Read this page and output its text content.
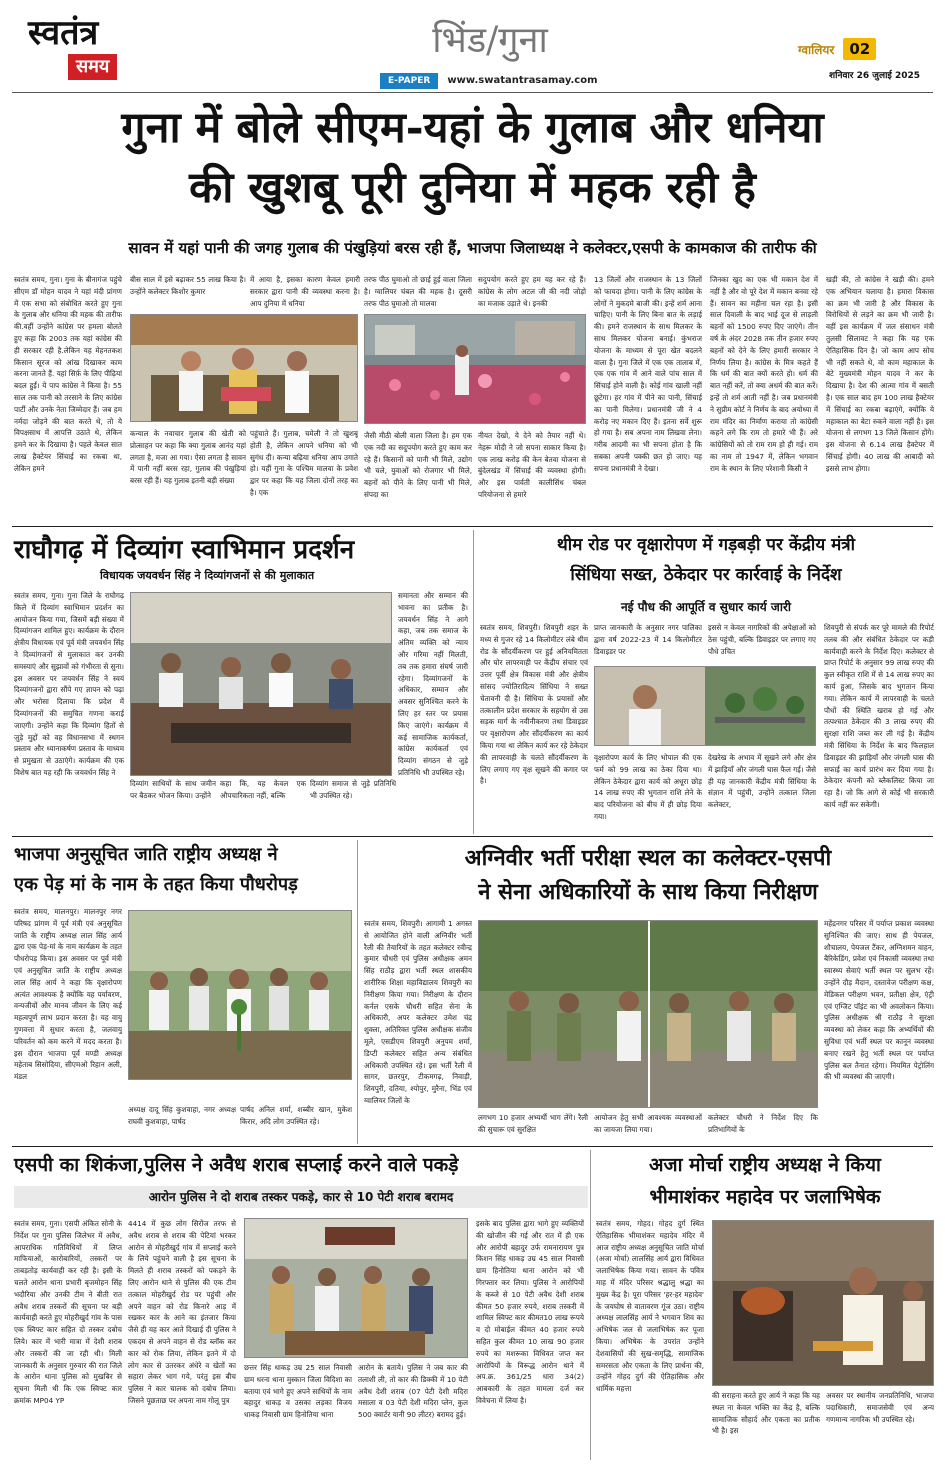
स्वतंत्र
समय
भिंड/गुना
E-PAPER www.swatantrasamay.com
ग्वालियर 02
शनिवार 26 जुलाई 2025
गुना में बोले सीएम-यहां के गुलाब और धनिया
की खुशबू पूरी दुनिया में महक रही है
सावन में यहां पानी की जगह गुलाब की पंखुड़ियां बरस रही हैं, भाजपा जिलाध्यक्ष ने कलेक्टर,एसपी के कामकाज की तारीफ की
स्वतंत्र समय, गुना। गुना के बीनागंज पहुंचे सीएम डॉ मोहन यादव ने यहां मंदी प्रांगण में एक सभा को संबोधित करते हुए गुना के गुलाब और धनिया की महक की तारीफ की.वहीं उन्होंने कांग्रेस पर हमला बोलते हुए कहा कि 2003 तक यहां कांग्रेस की ही सरकार रही है.लेकिन यह मेहनतकश किसान सूरज को आंख दिखाकर काम करना जानते हैं. यहां सिर्फ़ के लिए पीढ़ियां बदल हुईं। ये पाप कांग्रेस ने किया है। 55 साल तक पानी को तरसाने के लिए कांग्रेस पार्टी और उनके नेता जिम्मेदार हैं। जब हम नर्मदा जोड़ने की बात करते थे, तो ये विपक्षसाथ में आपत्ति उठाते थे, लेकिन हमने कर के दिखाया है। पहले केवल सात लाख हैक्टेयर सिंचाई का रकबा था, लेकिन हमने
बीस साल में इसे बढ़ाकर 55 लाख किया है। उन्होंने कलेक्टर किशोर कुमार
में आया है, इसका कारण केवल हमारी सरकार द्वारा पानी की व्यवस्था करना है। आप दुनिया में धनिया
कन्याल के नवाचार गुलाब की खेती को प्रोत्साहन पर कहा कि क्या गुलाब आनंद यहां लगता है, मजा आ गया। ऐसा लगता है सावन में पानी नहीं बरस रहा, गुलाब की पंखुड़ियां बरस रही हैं। यह गुलाब इतनी बड़ी संख्या
पहुंचाते हैं। गुलाब, चमेली ने तो खुशबू होती है, लेकिन आपने धनिया को भी सुगंध दी। कन्या बढ़िया धनिया आप उगाते हो। यहीं गुना के पश्चिम मालवा के प्रवेश द्वार पर कहा कि यह जिला दोनों तरह का है। एक
तरफ पीठ घुमाओ तो छाई हुई वाला जिला है। ग्वालियर चंबल की महक है। दूसरी तरफ पीठ घुमाओ तो मालवा
सदुपयोग करते हुए हम यह कर रहे हैं। कांग्रेस के लोग अटल जी की नदी जोड़ो का मजाक उड़ाते थे। इनकी
जैसी मीठी बोली वाला जिला है। हम एक एक नदी का सदुपयोग करते हुए काम कर रहे हैं। किसानों को पानी भी मिले, उद्योग भी चले, युवाओं को रोजगार भी मिले, बहनों को पीने के लिए पानी भी मिले, संपदा का
नीयत देखो, ये देने को तैयार नहीं थे। नेहरू मोदी ने जो सपना साकार किया है। एक लाख करोड़ की केन बेतवा योजना से बुंदेलखंड में सिंचाई की व्यवस्था होगी। और इस पार्वती कालीसिंध चंबल परियोजना से हमारे
13 जिलों और राजस्थान के 13 जिलों को फायदा होगा। पानी के लिए कांग्रेस के लोगों ने मुकदमे बाजी की। इन्हें शर्म आना चाहिए। पानी के लिए बिना बात के लड़ाई की। हमने राजस्थान के साथ मिलकर के साथ मिलकर योजना बनाई। कुंभराज योजना के माध्यम से पूरा खेत बदलने वाला है। गुना जिले में एक एक तालाब में, एक एक गांव में आने वाले पांच साल में सिंचाई होने वाली है। कोई गांव खाली नहीं छूटेगा। हर गांव में पीने का पानी, सिंचाई का पानी मिलेगा। प्रधानमंत्री जी ने 4 करोड़ नए मकान दिए हैं। इतना सर्वे शुरू हो गया है। सब अपना नाम लिखवा लेना। गरीब आदमी का भी सपना होता है कि सबका अपनी पक्की छत हो जाए। यह सपना प्रधानमंत्री ने देखा।
जिनका खुद का एक भी मकान देश में नहीं है और वो पूरे देश में मकान बनवा रहे हैं। सावन का महीना चल रहा है। इसी साल दिवाली के बाद भाई दूज से लाड़ली बहनों को 1500 रुपए दिए जाएंगे। तीन वर्ष के अंदर 2028 तक तीन हजार रुपए बहनों को देने के लिए हमारी सरकार ने निर्णय लिया है। कांग्रेस के मित्र कहते हैं कि धर्म की बात क्यों करते हो। धर्म की बात नहीं करें, तो क्या अधर्म की बात करें। इन्हें तो शर्म आती नहीं है। जब प्रधानमंत्री ने सुप्रीम कोर्ट ने निर्णय के बाद अयोध्या में राम मंदिर का निर्माण कराया तो कांग्रेसी कहने लगे कि राम तो हमारे भी हैं। अरे कांग्रेसियों को तो राम राम हो ही गई। राम का नाम तो 1947 में, लेकिन भगवान राम के स्थान के लिए परेशानी किसी ने
खड़ी की, तो कांग्रेस ने खड़ी की। हमने एक अभियान चलाया है। हमारा विकास का क्रम भी जारी है और विकास के विरोधियों से लड़ने का क्रम भी जारी है। वहीं इस कार्यक्रम में जल संसाधन मंत्री तुलसी सिलावट ने कहा कि यह एक ऐतिहासिक दिन है। जो काम आप सोच भी नहीं सकते थे, वो काम महाकाल के बेटे मुख्यमंत्री मोहन यादव ने कर के दिखाया है। देश की आत्मा गांव में बसती है। एक साल बाद हम 100 लाख हैक्टेयर में सिंचाई का रकबा बढ़ाएंगे, क्योंकि ये महाकाल का बेटा रुकने वाला नहीं है। इस योजना से लगभग 13 जिले किसान होंगे। इस योजना से 6.14 लाख हैक्टेयर में सिंचाई होगी। 40 लाख की आबादी को इससे लाभ होगा।
राघौगढ़ में दिव्यांग स्वाभिमान प्रदर्शन
विधायक जयवर्धन सिंह ने दिव्यांगजनों से की मुलाकात
स्वतंत्र समय, गुना। गुना जिले के राघौगढ़ किले में दिव्यांग स्वाभिमान प्रदर्शन का आयोजन किया गया, जिसमें बड़ी संख्या में दिव्यांगजन शामिल हुए। कार्यक्रम के दौरान क्षेत्रीय विधायक एवं पूर्व मंत्री जयवर्धन सिंह ने दिव्यांगजनों से मुलाकात कर उनकी समस्याएं और सुझावों को गंभीरता से सुना। इस अवसर पर जयवर्धन सिंह ने स्वयं दिव्यांगजनों द्वारा सौंपे गए ज्ञापन को पढ़ा और भरोसा दिलाया कि प्रदेश में दिव्यांगजनों की समुचित गणना कराई जाएगी। उन्होंने कहा कि दिव्यांग हितों से जुड़े मुद्दों को वह विधानसभा में स्थगन प्रस्ताव और ध्यानाकर्षण प्रस्ताव के माध्यम से प्रमुखता से उठाएंगे। कार्यक्रम की एक विशेष बात यह रही कि जयवर्धन सिंह ने
दिव्यांग साथियों के साथ जमीन पर बैठकर भोजन किया। उन्होंने
कहा कि, यह केवल एक औपचारिकता नहीं, बल्कि
दिव्यांग समाज से जुड़े प्रतिनिधि भी उपस्थित रहे।
समानता और सम्मान की भावना का प्रतीक है। जयवर्धन सिंह ने आगे कहा, जब तक समाज के अंतिम व्यक्ति को न्याय और गरिमा नहीं मिलती, तब तक हमारा संघर्ष जारी रहेगा। दिव्यांगजनों के अधिकार, सम्मान और अवसर सुनिश्चित करने के लिए हर स्तर पर प्रयास किए जाएंगे। कार्यक्रम में कई सामाजिक कार्यकर्ता, कांग्रेस कार्यकर्ता एवं दिव्यांग संगठन से जुड़े प्रतिनिधि भी उपस्थित रहे।
थीम रोड पर वृक्षारोपण में गड़बड़ी पर केंद्रीय मंत्री
सिंधिया सख्त, ठेकेदार पर कार्रवाई के निर्देश
नई पौध की आपूर्ति व सुधार कार्य जारी
स्वतंत्र समय, शिवपुरी। शिवपुरी शहर के मध्य से गुजर रहे 14 किलोमीटर लंबे थीम रोड के सौंदर्यीकरण पर हुई अनियमितता और घोर लापरवाही पर केंद्रीय संचार एवं उत्तर पूर्वी क्षेत्र विकास मंत्री और क्षेत्रीय सांसद ज्योतिरादित्य सिंधिया ने सख्त चेतावनी दी है। सिंधिया के प्रयासों और तत्कालीन प्रदेश सरकार के सहयोग से उस सड़क मार्ग के नवीनीकरण तथा डिवाइडर पर वृक्षारोपण और सौंदर्यीकरण का कार्य किया गया था लेकिन कार्य कर रहे ठेकेदार की लापरवाही के चलते सौंदर्यीकरण के लिए लगाए गए वृक्ष सूखने की कगार पर है।
प्राप्त जानकारी के अनुसार नगर पालिका द्वारा वर्ष 2022-23 में 14 किलोमीटर डिवाइडर पर
इससे न केवल नागरिकों की अपेक्षाओं को ठेस पहुंची, बल्कि डिवाइडर पर लगाए गए पौधे उचित
वृक्षारोपण कार्य के लिए भोपाल की एक फर्म को 99 लाख का ठेका दिया था। लेकिन ठेकेदार द्वारा कार्य को अधूरा छोड़ 14 लाख रुपए की भुगतान राशि लेने के बाद परियोजना को बीच में ही छोड़ दिया गया।
देखरेख के अभाव में सूखने लगे और क्षेत्र में झाड़ियाँ और जंगली घास फैल गई। जैसे ही यह जानकारी केंद्रीय मंत्री सिंधिया के संज्ञान में पहुंची, उन्होंने तत्काल जिला कलेक्टर,
शिवपुरी से संपर्क कर पूरे मामले की रिपोर्ट तलब की और संबंधित ठेकेदार पर कड़ी कार्यवाही करने के निर्देश दिए। कलेक्टर से प्राप्त रिपोर्ट के अनुसार 99 लाख रुपए की कुल स्वीकृत राशि में से 14 लाख रुपए का कार्य हुआ, जिसके बाद भुगतान किया गया। लेकिन कार्य में लापरवाही के चलते पौधों की स्थिति खराब हो गई और तत्पश्चात ठेकेदार की 3 लाख रुपए की सुरक्षा राशि जब्त कर ली गई है। केंद्रीय मंत्री सिंधिया के निर्देश के बाद फिलहाल डिवाइडर की झाड़ियाँ और जंगली घास की सफाई का कार्य प्रारंभ कर दिया गया है। ठेकेदार कंपनी को ब्लैकलिस्ट किया जा रहा है। जो कि आगे से कोई भी सरकारी कार्य नहीं कर सकेगी।
भाजपा अनुसूचित जाति राष्ट्रीय अध्यक्ष ने
एक पेड़ मां के नाम के तहत किया पौधरोपड़
स्वतंत्र समय, मालनपुर। मालनपुर नगर परिषद प्रांगण में पूर्व मंत्री एवं अनुसूचित जाति के राष्ट्रीय अध्यक्ष लाल सिंह आर्य द्वारा एक पेड़-मां के नाम कार्यक्रम के तहत पौधरोपड़ किया। इस अवसर पर पूर्व मंत्री एवं अनुसूचित जाति के राष्ट्रीय अध्यक्ष लाल सिंह आर्य ने कहा कि वृक्षारोपण अत्यंत आवश्यक है क्योंकि यह पर्यावरण, वन्यजीवों और मानव जीवन के लिए कई महत्वपूर्ण लाभ प्रदान करता है। यह वायु गुणवत्ता में सुधार करता है, जलवायु परिवर्तन को कम करने में मदद करता है। इस दौरान भाजपा पूर्व मण्डी अध्यक्ष महेताब सिसोदिया, सीएमओ रिहान अली, मंडल
अध्यक्ष दादू सिंह कुशवाहा, नगर अध्यक्ष राघवी कुशवाहा, पार्षद
पार्षद अनिल शर्मा, शब्बीर खान, मुकेश किरार, अदि लोग उपस्थित रहे।
अग्निवीर भर्ती परीक्षा स्थल का कलेक्टर-एसपी
ने सेना अधिकारियों के साथ किया निरीक्षण
स्वतंत्र समय, शिवपुरी। आगामी 1 अगस्त से आयोजित होने वाली अग्निवीर भर्ती रैली की तैयारियों के तहत कलेक्टर रवीन्द्र कुमार चौधरी एवं पुलिस अधीक्षक अमन सिंह राठौड़ द्वारा भर्ती स्थल शासकीय शारीरिक शिक्षा महाविद्यालय शिवपुरी का निरीक्षण किया गया। निरीक्षण के दौरान कर्नल एसके चौधरी सहित सेना के अधिकारी, अपर कलेक्टर उमेश चंद्र शुक्ला, अतिरिक्त पुलिस अधीक्षक संजीव मूले, एसडीएम शिवपुरी अनुपम शर्मा, डिप्टी कलेक्टर सहित अन्य संबंधित अधिकारी उपस्थित रहे। इस भर्ती रैली में सागर, छतरपुर, टीकमगढ़, निवाड़ी, शिवपुरी, दतिया, श्योपुर, मुरैना, भिंड एवं ग्वालियर जिलों के
लगभग 10 हजार अभ्यर्थी भाग लेंगे। रैली की सुचारू एवं सुरक्षित
आयोजन हेतु सभी आवश्यक व्यवस्थाओं का जायजा लिया गया।
कलेक्टर चौधरी ने निर्देश दिए कि प्रतिभागियों के
महेंद्रनगर परिसर में पर्याप्त प्रकाश व्यवस्था सुनिश्चित की जाए। साथ ही पेयजल, शौचालय, पेयजल टैंकर, अग्निशमन वाहन, बैरिकेडिंग, प्रवेश एवं निकासी व्यवस्था तथा स्वास्थ्य सेवाएं भर्ती स्थल पर सुलभ रहें। उन्होंने दौड़ मैदान, दस्तावेज परीक्षण कक्ष, मेडिकल परीक्षण भवन, प्रतीक्षा क्षेत्र, एंट्री एवं एग्जिट पॉइंट का भी अवलोकन किया। पुलिस अधीक्षक श्री राठौड़ ने सुरक्षा व्यवस्था को लेकर कहा कि अभ्यर्थियों की सुविधा एवं भर्ती स्थल पर कानून व्यवस्था बनाए रखने हेतु भर्ती स्थल पर पर्याप्त पुलिस बल तैनात रहेगा। नियमित पेट्रोलिंग की भी व्यवस्था की जाएगी।
एसपी का शिकंजा,पुलिस ने अवैध शराब सप्लाई करने वाले पकड़े
आरोन पुलिस ने दो शराब तस्कर पकड़े, कार से 10 पेटी शराब बरामद
स्वतंत्र समय, गुना। एसपी अंकित सोनी के निर्देश पर गुना पुलिस जिलेभर में अवैध, आपराधिक गतिविधियों में लिप्त माफियाओं, कारोबारियों, तस्करों पर ताबड़तोड़ कार्यवाही कर रही है। इसी के चलते आरोन थाना प्रभारी बृजमोहन सिंह भदौरिया और उनकी टीम ने बीती रात अवैध शराब तस्करों की सूचना पर बड़ी कार्यवाही करते हुए मोहरीखुर्द गांव के पास एक स्विफ्ट कार सहित दो तस्कर दबोच लिये। कार में भारी मात्रा में देशी शराब और तस्करों की जा रही थी। मिली जानकारी के अनुसार गुरुवार की रात जिले के आरोन थाना पुलिस को मुखबिर से सूचना मिली थी कि एक स्विफ्ट कार क्रमांक MP04 YP
4414 में कुछ लोग सिरोंज तरफ से अवैध शराब से शराब की पेटियां भरकर आरोन से मोहरीखुर्द गांव में सप्लाई करने के लिये पहुंचने वाली है इस सूचना के मिलते ही शराब तस्करों को पकड़ने के लिए आरोन थाने से पुलिस की एक टीम तत्काल मोहरीखुर्द रोड पर पहुंची और अपने वाहन को रोड किनारे आड़ में रखकर कार के आने का इंतजार किया जैसे ही यह कार आते दिखाई दी पुलिस ने एकदम से अपने वाहन से रोड ब्लॉक कर कार को रोक लिया, लेकिन इतने में दो लोग कार से उतरकर अंधेरे व खेतों का सहारा लेकर भाग गये, परंतु इस बीच पुलिस ने कार चालक को दबोच लिया। जिसने पूछताछ पर अपना नाम गोलू पुत्र
छत्तर सिंह धाकड़ उम्र 25 साल निवासी ग्राम धरना थाना मुस्कान जिला विदिशा का बताया एवं भागे हुए अपने साथियों के नाम बहादुर धाकड़ व उसका लड़का विजय धाकड़ निवासी ग्राम हिनोतिया थाना
आरोन के बताये। पुलिस ने जब कार की तलाशी ली, तो कार की डिक्की में 10 पेटी अवैध देशी शराब (07 पेटी देशी मदिरा मसाला व 03 पेटी देशी मदिरा प्लेन, कुल 500 क्वार्टर यानी 90 लीटर) बरामद हुई।
इसके बाद पुलिस द्वारा भागे हुए व्यक्तियों की खोजीन की गई और रात में ही एक और आरोपी बहादुर उर्फ रामनारायण पुत्र किशन सिंह धाकड़ उम्र 45 साल निवासी ग्राम हिनोतिया थाना आरोन को भी गिरफ्तार कर लिया। पुलिस ने आरोपियों के कब्जे से 10 पेटी अवैध देशी शराब कीमत 50 हजार रुपये, शराब तस्करी में शामिल स्विफ्ट कार कीमत10 लाख रूपये व दो मोबाईल कीमत 40 हजार रुपये सहित कुल कीमत 10 लाख 90 हजार रुपये का मशरूका विधिवत जप्त कर आरोपियों के विरूद्ध आरोन थाने में अप.क्र. 361/25 धारा 34(2) आबकारी के तहत मामला दर्ज कर विवेचना में लिया है।
अजा मोर्चा राष्ट्रीय अध्यक्ष ने किया
भीमाशंकर महादेव पर जलाभिषेक
स्वतंत्र समय, गोहद। गोहद दुर्ग स्थित ऐतिहासिक भीमाशंकर महादेव मंदिर में आज राष्ट्रीय अध्यक्ष अनुसूचित जाति मोर्चा (अजा मोर्चा) लालसिंह आर्य द्वारा विधिवत जलाभिषेक किया गया। सावन के पवित्र माह में मंदिर परिसर श्रद्धालु श्रद्धा का मुख्य केंद्र है। पूरा परिसर 'हर-हर महादेव' के जयघोष से वातावरण गूंज उठा। राष्ट्रीय अध्यक्ष लालसिंह आर्य ने भगवान शिव का अभिषेक जल से जलाभिषेक कर पूजा किया। अभिषेक के उपरांत उन्होंने देशवासियों की सुख-समृद्धि, सामाजिक समरसता और एकता के लिए प्रार्थना की, उन्होंने गोहद दुर्ग की ऐतिहासिक और धार्मिक महत्ता
की सराहना करते हुए आर्य ने कहा कि यह स्थल ना केवल भक्ति का केंद्र है, बल्कि सामाजिक सौहार्द और एकता का प्रतीक भी है। इस
अवसर पर स्थानीय जनप्रतिनिधि, भाजपा पदाधिकारी, समाजसेवी एवं अन्य गणमान्य नागरिक भी उपस्थित रहे।
